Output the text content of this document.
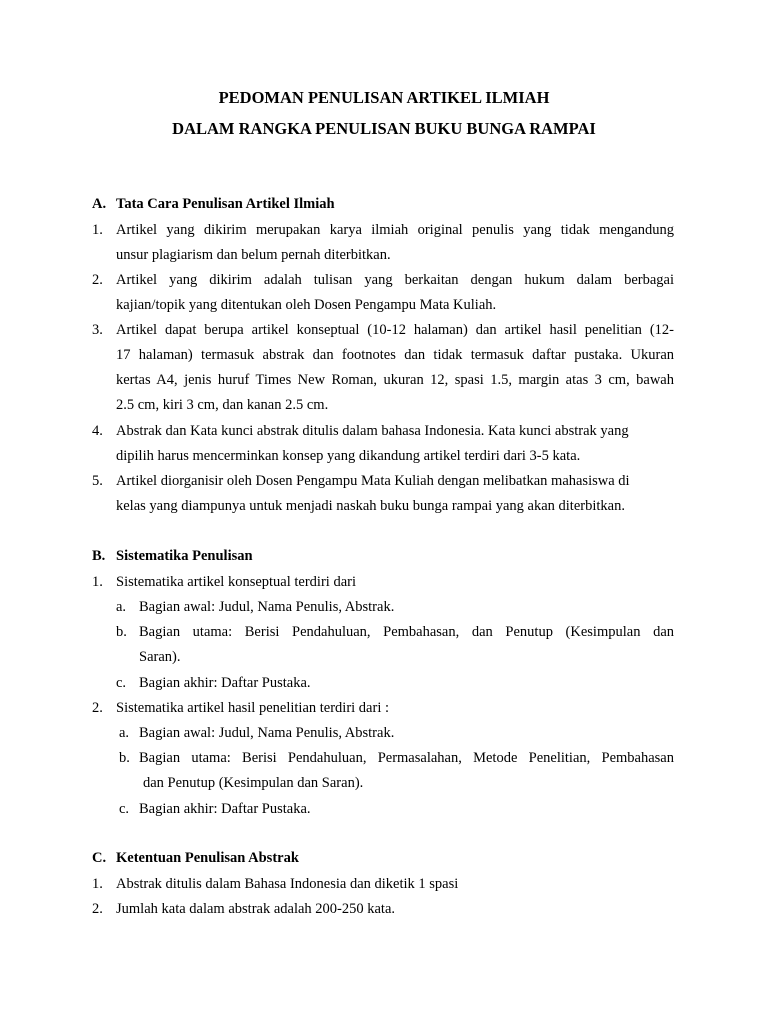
PEDOMAN PENULISAN ARTIKEL ILMIAH
DALAM RANGKA PENULISAN BUKU BUNGA RAMPAI
A. Tata Cara Penulisan Artikel Ilmiah
1. Artikel yang dikirim merupakan karya ilmiah original penulis yang tidak mengandung
unsur plagiarism dan belum pernah diterbitkan.
2. Artikel yang dikirim adalah tulisan yang berkaitan dengan hukum dalam berbagai
kajian/topik yang ditentukan oleh Dosen Pengampu Mata Kuliah.
3. Artikel dapat berupa artikel konseptual (10-12 halaman) dan artikel hasil penelitian (12-
17 halaman) termasuk abstrak dan footnotes dan tidak termasuk daftar pustaka. Ukuran
kertas A4, jenis huruf Times New Roman, ukuran 12, spasi 1.5, margin atas 3 cm, bawah
2.5 cm, kiri 3 cm, dan kanan 2.5 cm.
4. Abstrak dan Kata kunci abstrak ditulis dalam bahasa Indonesia. Kata kunci abstrak yang
dipilih harus mencerminkan konsep yang dikandung artikel terdiri dari 3-5 kata.
5. Artikel diorganisir oleh Dosen Pengampu Mata Kuliah dengan melibatkan mahasiswa di
kelas yang diampunya untuk menjadi naskah buku bunga rampai yang akan diterbitkan.
B. Sistematika Penulisan
1. Sistematika artikel konseptual terdiri dari
a. Bagian awal: Judul, Nama Penulis, Abstrak.
b. Bagian utama: Berisi Pendahuluan, Pembahasan, dan Penutup (Kesimpulan dan
Saran).
c. Bagian akhir: Daftar Pustaka.
2. Sistematika artikel hasil penelitian terdiri dari :
a. Bagian awal: Judul, Nama Penulis, Abstrak.
b. Bagian utama: Berisi Pendahuluan, Permasalahan, Metode Penelitian, Pembahasan
dan Penutup (Kesimpulan dan Saran).
c. Bagian akhir: Daftar Pustaka.
C. Ketentuan Penulisan Abstrak
1. Abstrak ditulis dalam Bahasa Indonesia dan diketik 1 spasi
2. Jumlah kata dalam abstrak adalah 200-250 kata.
